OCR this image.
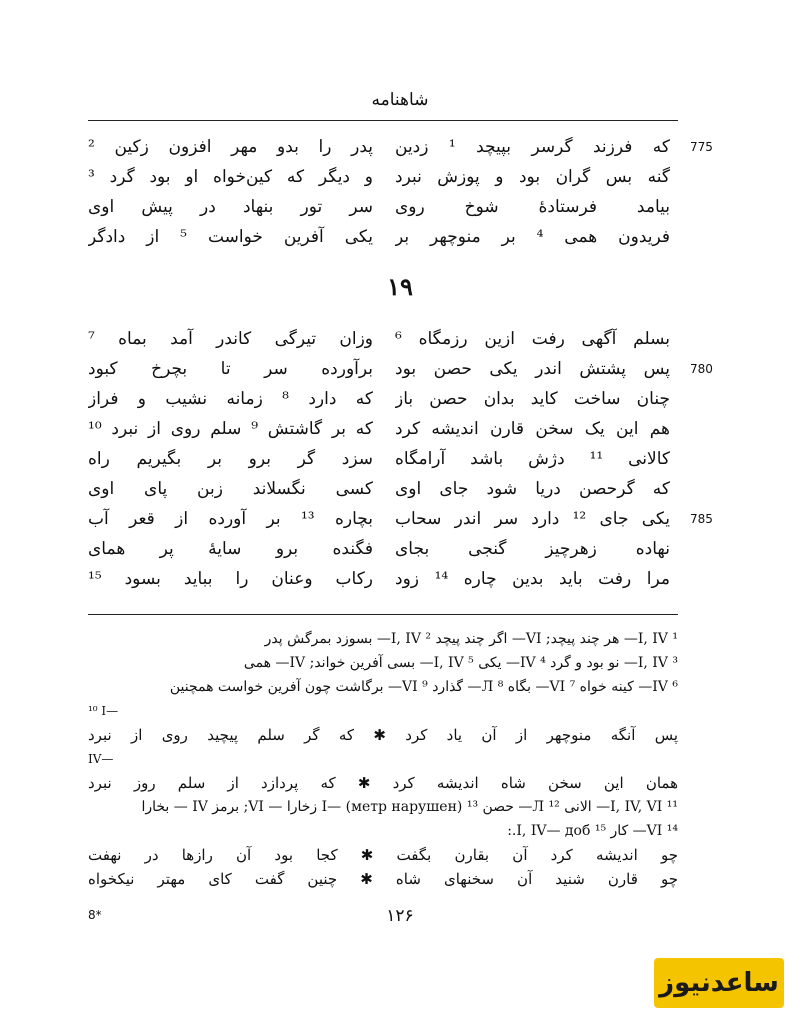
شاهنامه
775
که فرزند گرسر بپیچد ¹ زدین
پدر را بدو مهر افزون زکین ²
گنه بس گران بود و پوزش نبرد
و دیگر که کین‌خواه او بود گرد ³
بیامد فرستادهٔ شوخ روی
سر تور بنهاد در پیش اوی
فریدون همی ⁴ بر منوچهر بر
یکی آفرین خواست ⁵ از دادگر
۱۹
بسلم آگهی رفت ازین رزمگاه ⁶
وزان تیرگی کاندر آمد بماه ⁷
780
پس پشتش اندر یکی حصن بود
برآورده سر تا بچرخ کبود
چنان ساخت کاید بدان حصن باز
که دارد ⁸ زمانه نشیب و فراز
هم این یک سخن قارن اندیشه کرد
که بر گاشتش ⁹ سلم روی از نبرد ¹⁰
کالانی ¹¹ دژش باشد آرامگاه
سزد گر برو بر بگیریم راه
که گرحصن دریا شود جای اوی
کسی نگسلاند زبن پای اوی
785
یکی جای ¹² دارد سر اندر سحاب
بچاره ¹³ بر آورده از قعر آب
نهاده زهرچیز گنجی بجای
فگنده برو سایهٔ پر همای
مرا رفت باید بدین چاره ¹⁴ زود
رکاب وعنان را بباید بسود ¹⁵
¹ I, IV— هر چند پیچد; VI— اگر چند پیچد ² I, IV— بسوزد بمرگش پدر
³ I, IV— نو بود و گرد ⁴ IV— یکی ⁵ I, IV— بسی آفرین خواند; IV— همی
⁶ IV— کینه خواه ⁷ VI— بگاه ⁸ Л— گذارد ⁹ VI— برگاشت چون آفرین خواست همچنین
¹⁰ I—
پس آنگه منوچهر از آن یاد کرد ✱ که گر سلم پیچید روی از نبرد
IV—
همان این سخن شاه اندیشه کرد ✱ که پردازد از سلم روز نبرد
¹¹ I, IV, VI— الانی ¹² Л— حصن ¹³ I— (метр нарушен) زخارا — VI; برمز IV — بخارا
¹⁴ VI— کار ¹⁵ I, IV— доб.:
چو اندیشه کرد آن بقارن بگفت ✱ کجا بود آن رازها در نهفت
چو قارن شنید آن سخنهای شاه ✱ چنین گفت کای مهتر نیکخواه
8*	۱۲۶
ساعدنیوز
